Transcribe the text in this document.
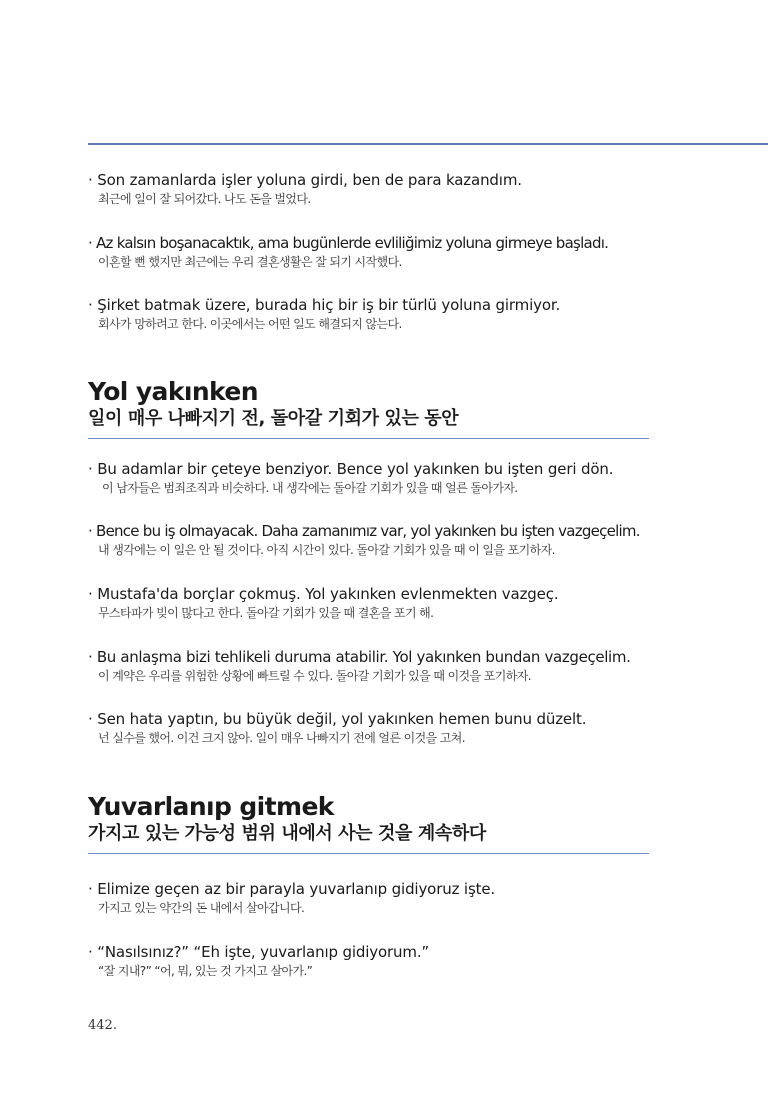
· Son zamanlarda işler yoluna girdi, ben de para kazandım.
최근에 일이 잘 되어갔다. 나도 돈을 벌었다.
· Az kalsın boşanacaktık, ama bugünlerde evliliğimiz yoluna girmeye başladı.
이혼할 뻔 했지만 최근에는 우리 결혼생활은 잘 되기 시작했다.
· Şirket batmak üzere, burada hiç bir iş bir türlü yoluna girmiyor.
회사가 망하려고 한다. 이곳에서는 어떤 일도 해결되지 않는다.
Yol yakınken
일이 매우 나빠지기 전, 돌아갈 기회가 있는 동안
· Bu adamlar bir çeteye benziyor. Bence yol yakınken bu işten geri dön.
이 남자들은 범죄조직과 비슷하다. 내 생각에는 돌아갈 기회가 있을 때 얼른 돌아가자.
· Bence bu iş olmayacak. Daha zamanımız var, yol yakınken bu işten vazgeçelim.
내 생각에는 이 일은 안 될 것이다. 아직 시간이 있다. 돌아갈 기회가 있을 때 이 일을 포기하자.
· Mustafa'da borçlar çokmuş. Yol yakınken evlenmekten vazgeç.
무스타파가 빚이 많다고 한다. 돌아갈 기회가 있을 때 결혼을 포기 해.
· Bu anlaşma bizi tehlikeli duruma atabilir. Yol yakınken bundan vazgeçelim.
이 계약은 우리를 위험한 상황에 빠트릴 수 있다. 돌아갈 기회가 있을 때 이것을 포기하자.
· Sen hata yaptın, bu büyük değil, yol yakınken hemen bunu düzelt.
넌 실수를 했어. 이건 크지 않아. 일이 매우 나빠지기 전에 얼른 이것을 고쳐.
Yuvarlanıp gitmek
가지고 있는 가능성 범위 내에서 사는 것을 계속하다
· Elimize geçen az bir parayla yuvarlanıp gidiyoruz işte.
가지고 있는 약간의 돈 내에서 살아갑니다.
· “Nasılsınız?” “Eh işte, yuvarlanıp gidiyorum.”
“잘 지내?” “어, 뭐, 있는 것 가지고 살아가.”
442.
